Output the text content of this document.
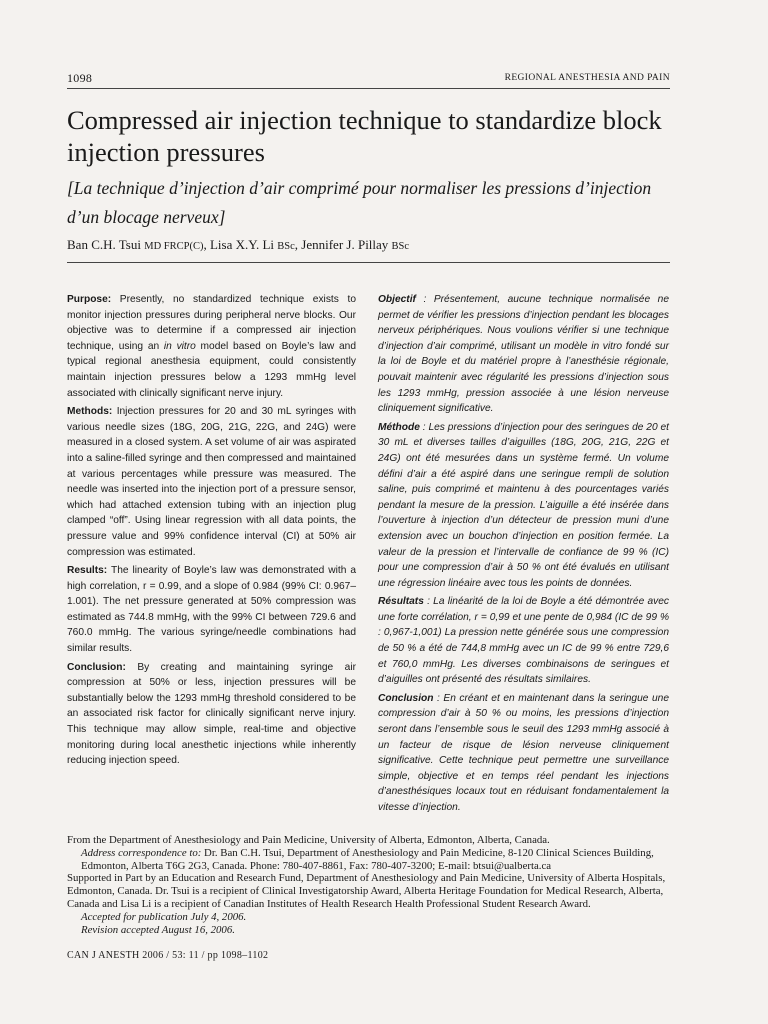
1098	REGIONAL ANESTHESIA AND PAIN
Compressed air injection technique to standardize block injection pressures

[La technique d’injection d’air comprimé pour normaliser les pressions d’injection d’un blocage nerveux]

Ban C.H. Tsui MD FRCP(C), Lisa X.Y. Li BSc, Jennifer J. Pillay BSc

Purpose: Presently, no standardized technique exists to monitor injection pressures during peripheral nerve blocks. Our objective was to determine if a compressed air injection technique, using an in vitro model based on Boyle’s law and typical regional anesthesia equipment, could consistently maintain injection pressures below a 1293 mmHg level associated with clinically significant nerve injury.

Methods: Injection pressures for 20 and 30 mL syringes with various needle sizes (18G, 20G, 21G, 22G, and 24G) were measured in a closed system. A set volume of air was aspirated into a saline-filled syringe and then compressed and maintained at various percentages while pressure was measured. The needle was inserted into the injection port of a pressure sensor, which had attached extension tubing with an injection plug clamped “off”. Using linear regression with all data points, the pressure value and 99% confidence interval (CI) at 50% air compression was estimated.

Results: The linearity of Boyle’s law was demonstrated with a high correlation, r = 0.99, and a slope of 0.984 (99% CI: 0.967–1.001). The net pressure generated at 50% compression was estimated as 744.8 mmHg, with the 99% CI between 729.6 and 760.0 mmHg. The various syringe/needle combinations had similar results.

Conclusion: By creating and maintaining syringe air compression at 50% or less, injection pressures will be substantially below the 1293 mmHg threshold considered to be an associated risk factor for clinically significant nerve injury. This technique may allow simple, real-time and objective monitoring during local anesthetic injections while inherently reducing injection speed.

Objectif : Présentement, aucune technique normalisée ne permet de vérifier les pressions d’injection pendant les blocages nerveux périphériques. Nous voulions vérifier si une technique d’injection d’air comprimé, utilisant un modèle in vitro fondé sur la loi de Boyle et du matériel propre à l’anesthésie régionale, pouvait maintenir avec régularité les pressions d’injection sous les 1293 mmHg, pression associée à une lésion nerveuse cliniquement significative.

Méthode : Les pressions d’injection pour des seringues de 20 et 30 mL et diverses tailles d’aiguilles (18G, 20G, 21G, 22G et 24G) ont été mesurées dans un système fermé. Un volume défini d’air a été aspiré dans une seringue rempli de solution saline, puis comprimé et maintenu à des pourcentages variés pendant la mesure de la pression. L’aiguille a été insérée dans l’ouverture à injection d’un détecteur de pression muni d’une extension avec un bouchon d’injection en position fermée. La valeur de la pression et l’intervalle de confiance de 99 % (IC) pour une compression d’air à 50 % ont été évalués en utilisant une régression linéaire avec tous les points de données.

Résultats : La linéarité de la loi de Boyle a été démontrée avec une forte corrélation, r = 0,99 et une pente de 0,984 (IC de 99 % : 0,967-1,001) La pression nette générée sous une compression de 50 % a été de 744,8 mmHg avec un IC de 99 % entre 729,6 et 760,0 mmHg. Les diverses combinaisons de seringues et d’aiguilles ont présenté des résultats similaires.

Conclusion : En créant et en maintenant dans la seringue une compression d’air à 50 % ou moins, les pressions d’injection seront dans l’ensemble sous le seuil des 1293 mmHg associé à un facteur de risque de lésion nerveuse cliniquement significative. Cette technique peut permettre une surveillance simple, objective et en temps réel pendant les injections d’anesthésiques locaux tout en réduisant fondamentalement la vitesse d’injection.

From the Department of Anesthesiology and Pain Medicine, University of Alberta, Edmonton, Alberta, Canada.

Address correspondence to: Dr. Ban C.H. Tsui, Department of Anesthesiology and Pain Medicine, 8-120 Clinical Sciences Building, Edmonton, Alberta T6G 2G3, Canada. Phone: 780-407-8861, Fax: 780-407-3200; E-mail: btsui@ualberta.ca

Supported in Part by an Education and Research Fund, Department of Anesthesiology and Pain Medicine, University of Alberta Hospitals, Edmonton, Canada. Dr. Tsui is a recipient of Clinical Investigatorship Award, Alberta Heritage Foundation for Medical Research, Alberta, Canada and Lisa Li is a recipient of Canadian Institutes of Health Research Health Professional Student Research Award.

Accepted for publication July 4, 2006.

Revision accepted August 16, 2006.

CAN J ANESTH 2006 / 53: 11 / pp 1098–1102
